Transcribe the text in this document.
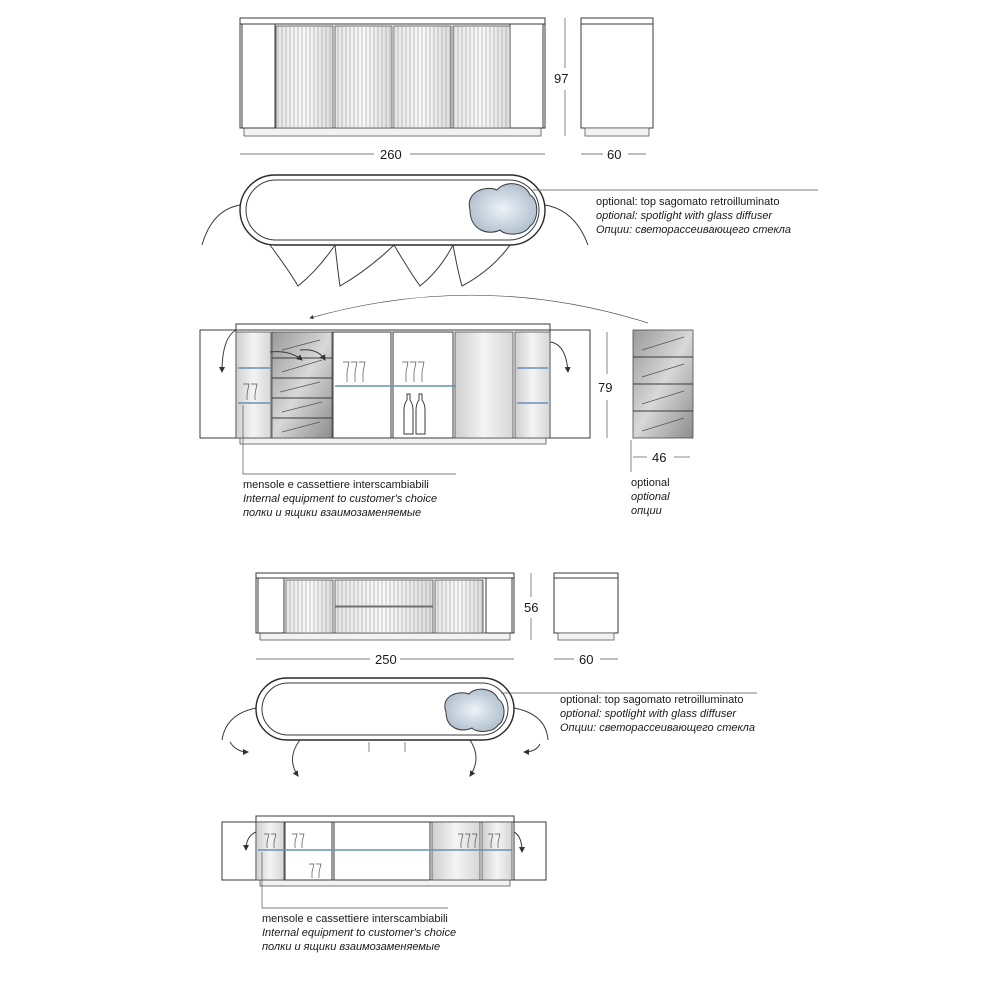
97
260	60
optional: top sagomato retroilluminato
optional: spotlight with glass diffuser
Опции: светорассеивающего стекла
79
46
optional
optional
опции
mensole e cassettiere interscambiabili
Internal equipment to customer's choice
полки и ящики взаимозаменяемые
56
250	60
optional: top sagomato retroilluminato
optional: spotlight with glass diffuser
Опции: светорассеивающего стекла
mensole e cassettiere interscambiabili
Internal equipment to customer's choice
полки и ящики взаимозаменяемые
